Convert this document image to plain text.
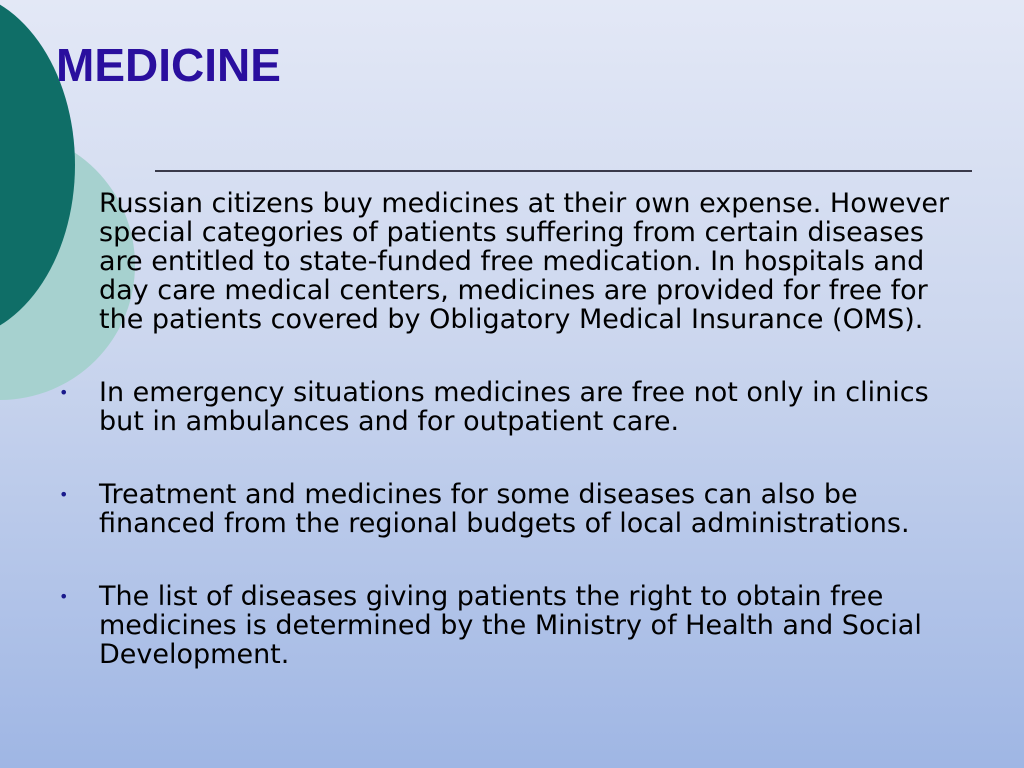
MEDICINE

Russian citizens buy medicines at their own expense. However special categories of patients suffering from certain diseases are entitled to state-funded free medication. In hospitals and day care medical centers, medicines are provided for free for the patients covered by Obligatory Medical Insurance (OMS).

• In emergency situations medicines are free not only in clinics but in ambulances and for outpatient care.
• Treatment and medicines for some diseases can also be financed from the regional budgets of local administrations.
• The list of diseases giving patients the right to obtain free medicines is determined by the Ministry of Health and Social Development.
